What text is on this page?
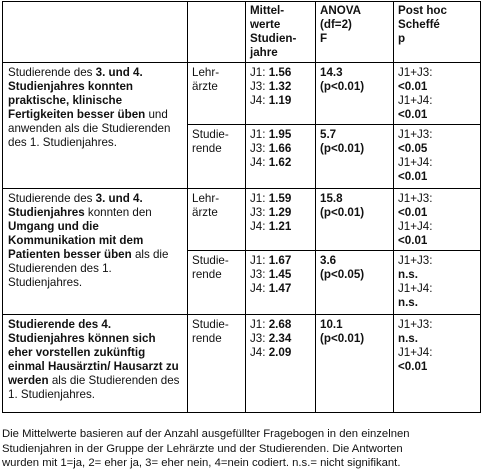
		Mittel-
werte
Studien-
jahre	ANOVA
(df=2)
F	Post hoc
Scheffé
p

Studierende des 3. und 4. Studienjahres konnten praktische, klinische Fertigkeiten besser üben und anwenden als die Studierenden des 1. Studienjahres.	Lehr-
ärzte	J1: 1.56
J3: 1.32
J4: 1.19	14.3
(p<0.01)	J1+J3:
<0.01
J1+J4:
<0.01

	Studie-
rende	J1: 1.95
J3: 1.66
J4: 1.62	5.7
(p<0.01)	J1+J3:
<0.05
J1+J4:
<0.01

Studierende des 3. und 4. Studienjahres konnten den Umgang und die Kommunikation mit dem Patienten besser üben als die Studierenden des 1. Studienjahres.	Lehr-
ärzte	J1: 1.59
J3: 1.29
J4: 1.21	15.8
(p<0.01)	J1+J3:
<0.01
J1+J4:
<0.01

	Studie-
rende	J1: 1.67
J3: 1.45
J4: 1.47	3.6
(p<0.05)	J1+J3:
n.s.
J1+J4:
n.s.

Studierende des 4. Studienjahres können sich eher vorstellen zukünftig einmal Hausärztin/ Hausarzt zu werden als die Studierenden des 1. Studienjahres.	Studie-
rende	J1: 2.68
J3: 2.34
J4: 2.09	10.1
(p<0.01)	J1+J3:
n.s.
J1+J4:
<0.01
Die Mittelwerte basieren auf der Anzahl ausgefüllter Fragebogen in den einzelnen
Studienjahren in der Gruppe der Lehrärzte und der Studierenden. Die Antworten
wurden mit 1=ja, 2= eher ja, 3= eher nein, 4=nein codiert. n.s.= nicht signifikant.
